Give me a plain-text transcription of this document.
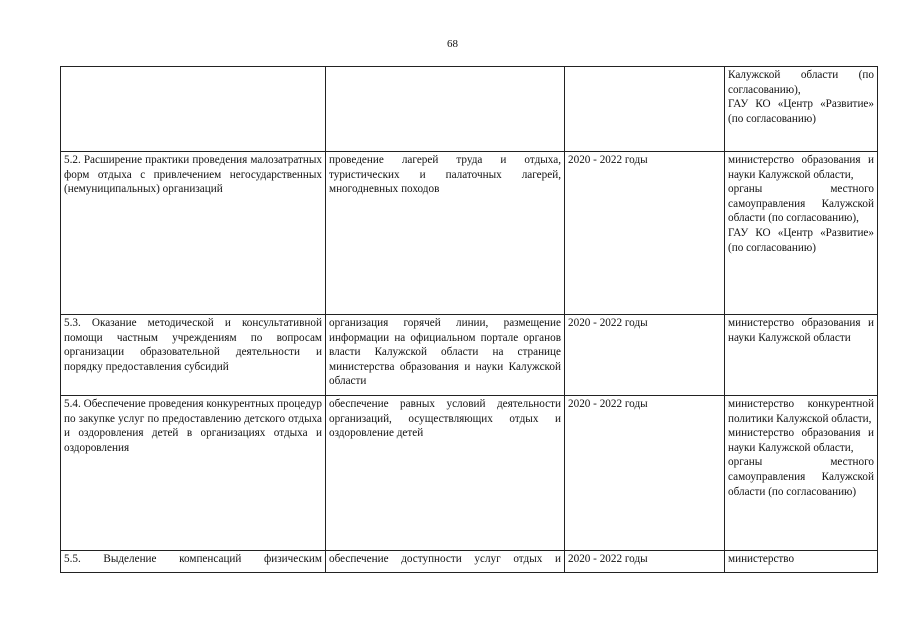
68

			Калужской области (по согласованию),
ГАУ КО «Центр «Развитие» (по согласованию)

5.2. Расширение практики проведения малозатратных форм отдыха с привлечением негосударственных (немуниципальных) организаций	проведение лагерей труда и отдыха, туристических и палаточных лагерей, многодневных походов	2020 - 2022 годы	министерство образования и науки Калужской области,
органы местного самоуправления Калужской области (по согласованию),
ГАУ КО «Центр «Развитие» (по согласованию)

5.3. Оказание методической и консультативной помощи частным учреждениям по вопросам организации образовательной деятельности и порядку предоставления субсидий	организация горячей линии, размещение информации на официальном портале органов власти Калужской области на странице министерства образования и науки Калужской области	2020 - 2022 годы	министерство образования и науки Калужской области

5.4. Обеспечение проведения конкурентных процедур по закупке услуг по предоставлению детского отдыха и оздоровления детей в организациях отдыха и оздоровления	обеспечение равных условий деятельности организаций, осуществляющих отдых и оздоровление детей	2020 - 2022 годы	министерство конкурентной политики Калужской области,
министерство образования и науки Калужской области,
органы местного самоуправления Калужской области (по согласованию)

5.5. Выделение компенсаций физическим	обеспечение доступности услуг отдых и	2020 - 2022 годы	министерство
